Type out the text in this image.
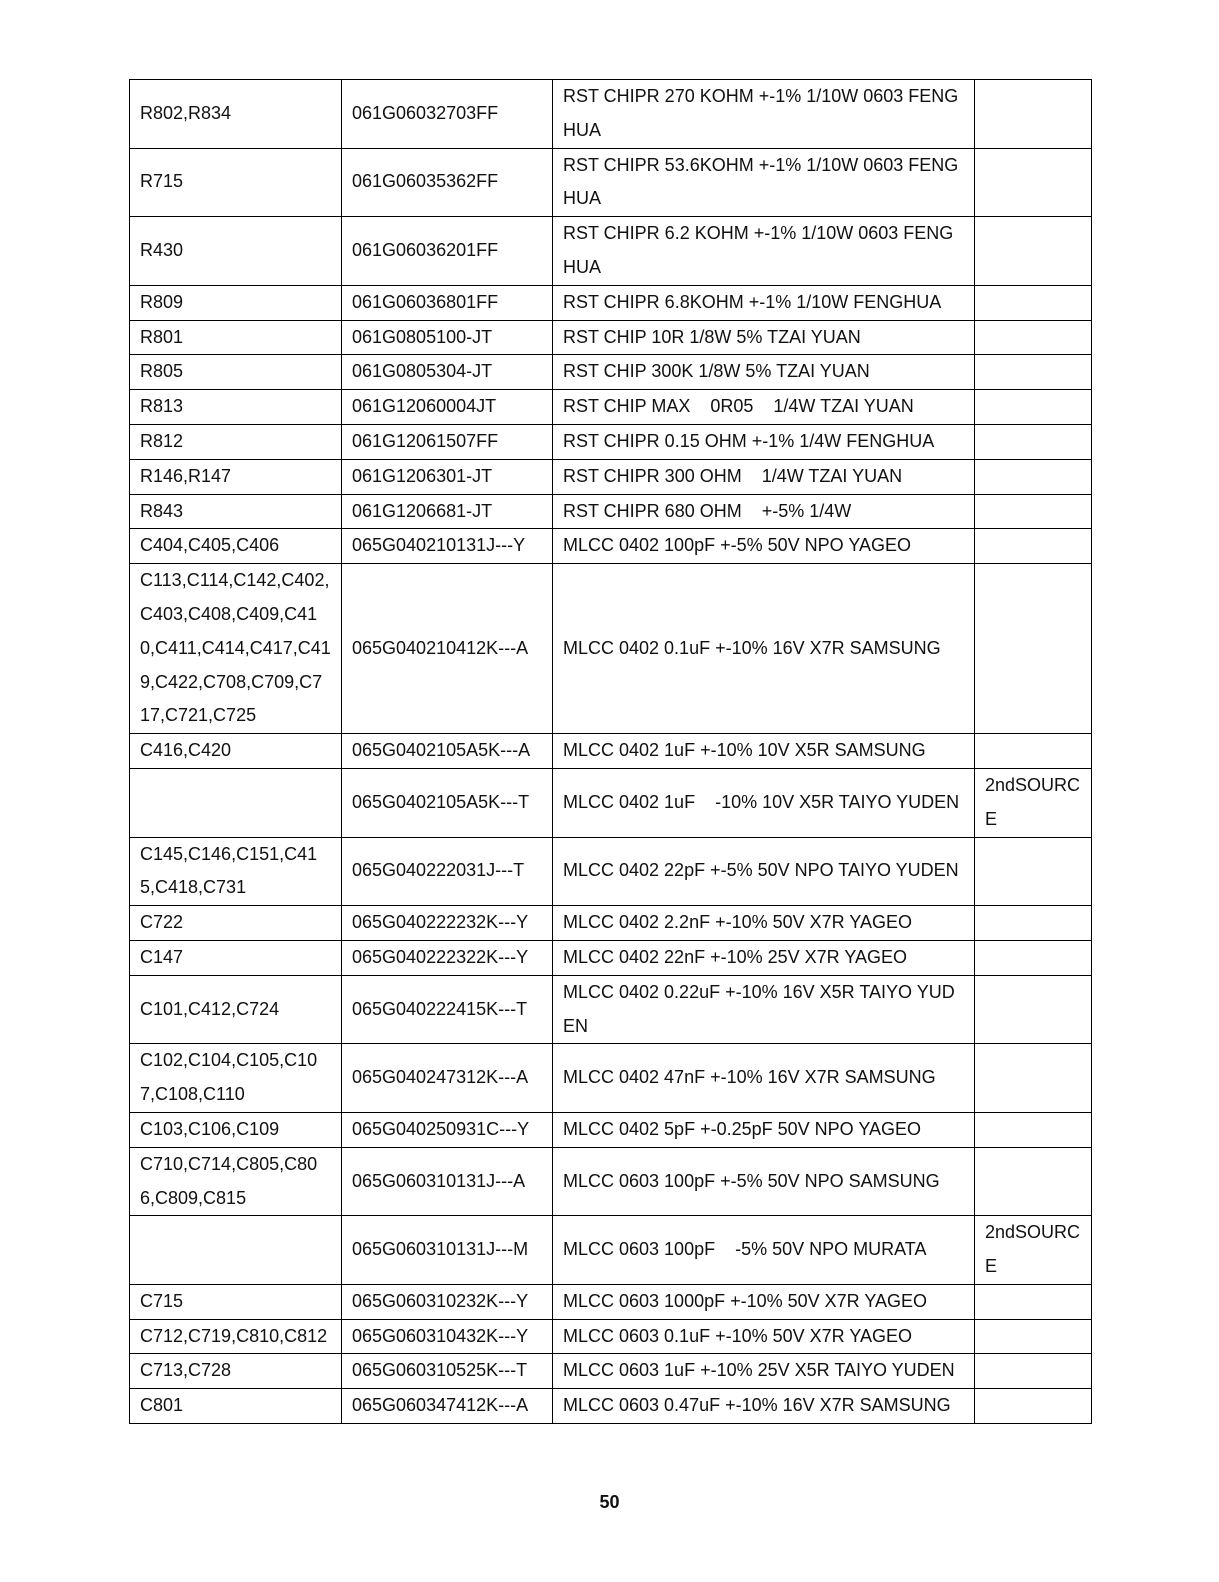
R802,R834	061G06032703FF	RST CHIPR 270 KOHM +-1% 1/10W 0603 FENGHUA	
R715	061G06035362FF	RST CHIPR 53.6KOHM +-1% 1/10W 0603 FENGHUA	
R430	061G06036201FF	RST CHIPR 6.2 KOHM +-1% 1/10W 0603 FENGHUA	
R809	061G06036801FF	RST CHIPR 6.8KOHM +-1% 1/10W FENGHUA	
R801	061G0805100-JT	RST CHIP 10R 1/8W 5% TZAI YUAN	
R805	061G0805304-JT	RST CHIP 300K 1/8W 5% TZAI YUAN	
R813	061G12060004JT	RST CHIP MAX    0R05    1/4W TZAI YUAN	
R812	061G12061507FF	RST CHIPR 0.15 OHM +-1% 1/4W FENGHUA	
R146,R147	061G1206301-JT	RST CHIPR 300 OHM    1/4W TZAI YUAN	
R843	061G1206681-JT	RST CHIPR 680 OHM    +-5% 1/4W	
C404,C405,C406	065G040210131J---Y	MLCC 0402 100pF +-5% 50V NPO YAGEO	
C113,C114,C142,C402,C403,C408,C409,C410,C411,C414,C417,C419,C422,C708,C709,C717,C721,C725	065G040210412K---A	MLCC 0402 0.1uF +-10% 16V X7R SAMSUNG	
C416,C420	065G0402105A5K---A	MLCC 0402 1uF +-10% 10V X5R SAMSUNG	
	065G0402105A5K---T	MLCC 0402 1uF    -10% 10V X5R TAIYO YUDEN	2ndSOURCE
C145,C146,C151,C415,C418,C731	065G040222031J---T	MLCC 0402 22pF +-5% 50V NPO TAIYO YUDEN	
C722	065G040222232K---Y	MLCC 0402 2.2nF +-10% 50V X7R YAGEO	
C147	065G040222322K---Y	MLCC 0402 22nF +-10% 25V X7R YAGEO	
C101,C412,C724	065G040222415K---T	MLCC 0402 0.22uF +-10% 16V X5R TAIYO YUDEN	
C102,C104,C105,C107,C108,C110	065G040247312K---A	MLCC 0402 47nF +-10% 16V X7R SAMSUNG	
C103,C106,C109	065G040250931C---Y	MLCC 0402 5pF +-0.25pF 50V NPO YAGEO	
C710,C714,C805,C806,C809,C815	065G060310131J---A	MLCC 0603 100pF +-5% 50V NPO SAMSUNG	
	065G060310131J---M	MLCC 0603 100pF    -5% 50V NPO MURATA	2ndSOURCE
C715	065G060310232K---Y	MLCC 0603 1000pF +-10% 50V X7R YAGEO	
C712,C719,C810,C812	065G060310432K---Y	MLCC 0603 0.1uF +-10% 50V X7R YAGEO	
C713,C728	065G060310525K---T	MLCC 0603 1uF +-10% 25V X5R TAIYO YUDEN	
C801	065G060347412K---A	MLCC 0603 0.47uF +-10% 16V X7R SAMSUNG	
50
